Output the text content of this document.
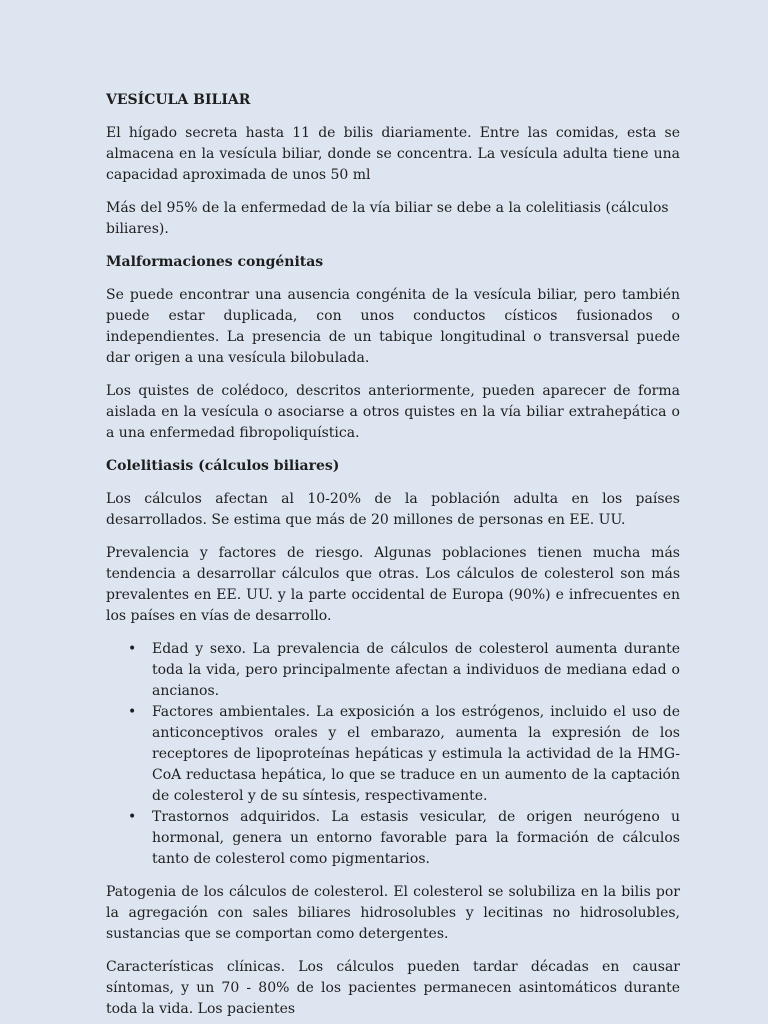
VESÍCULA BILIAR

El hígado secreta hasta 11 de bilis diariamente. Entre las comidas, esta se almacena en la vesícula biliar, donde se concentra. La vesícula adulta tiene una capacidad aproximada de unos 50 ml

Más del 95% de la enfermedad de la vía biliar se debe a la colelitiasis (cálculos biliares).

Malformaciones congénitas

Se puede encontrar una ausencia congénita de la vesícula biliar, pero también puede estar duplicada, con unos conductos císticos fusionados o independientes. La presencia de un tabique longitudinal o transversal puede dar origen a una vesícula bilobulada.

Los quistes de colédoco, descritos anteriormente, pueden aparecer de forma aislada en la vesícula o asociarse a otros quistes en la vía biliar extrahepática o a una enfermedad fibropoliquística.

Colelitiasis (cálculos biliares)

Los cálculos afectan al 10-20% de la población adulta en los países desarrollados. Se estima que más de 20 millones de personas en EE. UU.

Prevalencia y factores de riesgo. Algunas poblaciones tienen mucha más tendencia a desarrollar cálculos que otras. Los cálculos de colesterol son más prevalentes en EE. UU. y la parte occidental de Europa (90%) e infrecuentes en los países en vías de desarrollo.

• Edad y sexo. La prevalencia de cálculos de colesterol aumenta durante toda la vida, pero principalmente afectan a individuos de mediana edad o ancianos.
• Factores ambientales. La exposición a los estrógenos, incluido el uso de anticonceptivos orales y el embarazo, aumenta la expresión de los receptores de lipoproteínas hepáticas y estimula la actividad de la HMG-CoA reductasa hepática, lo que se traduce en un aumento de la captación de colesterol y de su síntesis, respectivamente.
• Trastornos adquiridos. La estasis vesicular, de origen neurógeno u hormonal, genera un entorno favorable para la formación de cálculos tanto de colesterol como pigmentarios.

Patogenia de los cálculos de colesterol. El colesterol se solubiliza en la bilis por la agregación con sales biliares hidrosolubles y lecitinas no hidrosolubles, sustancias que se comportan como detergentes.

Características clínicas. Los cálculos pueden tardar décadas en causar síntomas, y un 70 - 80% de los pacientes permanecen asintomáticos durante toda la vida. Los pacientes
